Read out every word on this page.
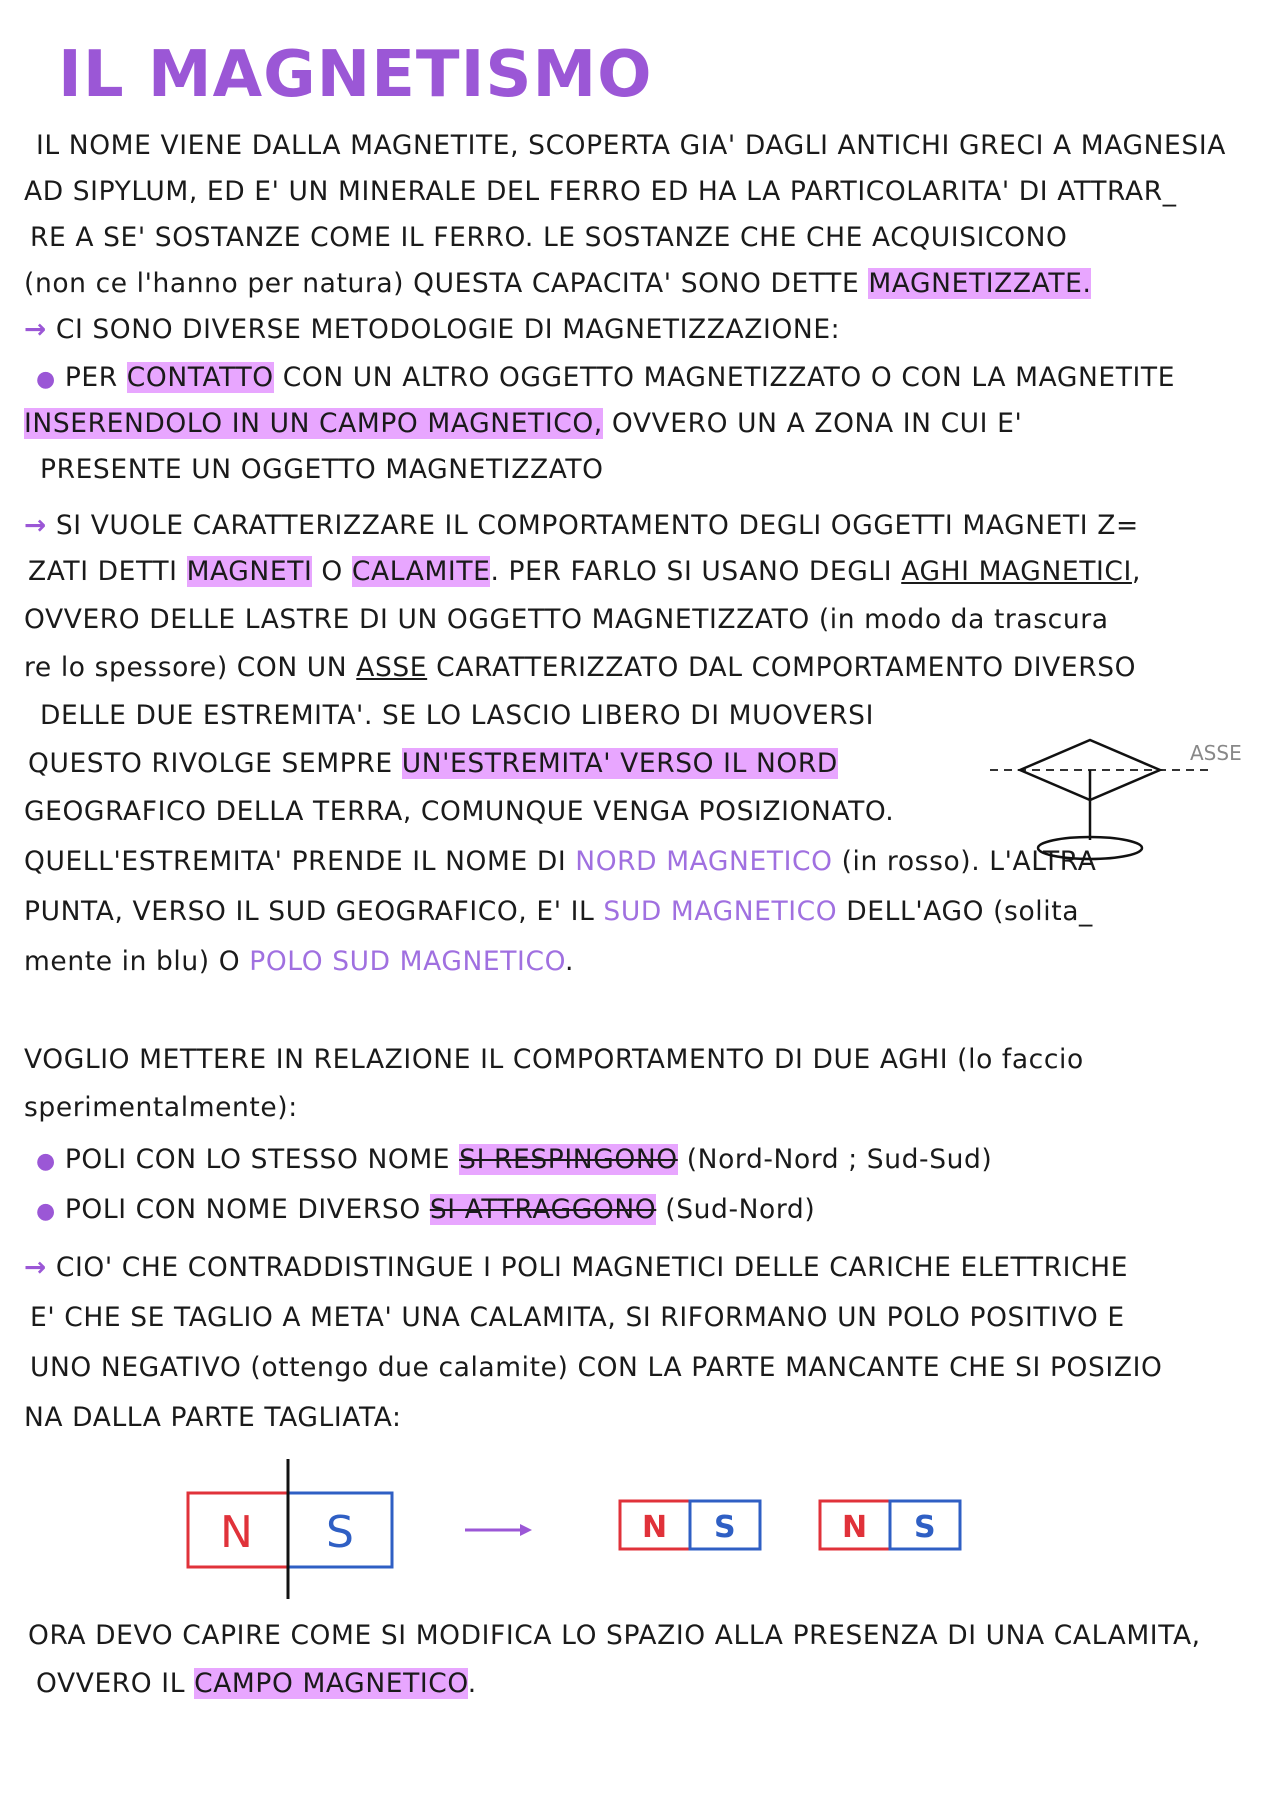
IL MAGNETISMO
IL NOME VIENE DALLA MAGNETITE, SCOPERTA GIA' DAGLI ANTICHI GRECI A MAGNESIA
AD SIPYLUM, ED E' UN MINERALE DEL FERRO ED HA LA PARTICOLARITA' DI ATTRAR_
RE A SE' SOSTANZE COME IL FERRO. LE SOSTANZE CHE CHE ACQUISICONO
(non ce l'hanno per natura) QUESTA CAPACITA' SONO DETTE MAGNETIZZATE.
→ CI SONO DIVERSE METODOLOGIE DI MAGNETIZZAZIONE:
● PER CONTATTO CON UN ALTRO OGGETTO MAGNETIZZATO O CON LA MAGNETITE
INSERENDOLO IN UN CAMPO MAGNETICO, OVVERO UN A ZONA IN CUI E'
PRESENTE UN OGGETTO MAGNETIZZATO
→ SI VUOLE CARATTERIZZARE IL COMPORTAMENTO DEGLI OGGETTI MAGNETI Z=
ZATI DETTI MAGNETI O CALAMITE. PER FARLO SI USANO DEGLI AGHI MAGNETICI,
OVVERO DELLE LASTRE DI UN OGGETTO MAGNETIZZATO (in modo da trascura
re lo spessore) CON UN ASSE CARATTERIZZATO DAL COMPORTAMENTO DIVERSO
DELLE DUE ESTREMITA'. SE LO LASCIO LIBERO DI MUOVERSI
QUESTO RIVOLGE SEMPRE UN'ESTREMITA' VERSO IL NORD
GEOGRAFICO DELLA TERRA, COMUNQUE VENGA POSIZIONATO.
QUELL'ESTREMITA' PRENDE IL NOME DI NORD MAGNETICO (in rosso). L'ALTRA
PUNTA, VERSO IL SUD GEOGRAFICO, E' IL SUD MAGNETICO DELL'AGO (solita_
mente in blu) O POLO SUD MAGNETICO.
ASSE
VOGLIO METTERE IN RELAZIONE IL COMPORTAMENTO DI DUE AGHI (lo faccio
sperimentalmente):
● POLI CON LO STESSO NOME SI RESPINGONO (Nord-Nord ; Sud-Sud)
● POLI CON NOME DIVERSO SI ATTRAGGONO (Sud-Nord)
→ CIO' CHE CONTRADDISTINGUE I POLI MAGNETICI DELLE CARICHE ELETTRICHE
E' CHE SE TAGLIO A META' UNA CALAMITA, SI RIFORMANO UN POLO POSITIVO E
UNO NEGATIVO (ottengo due calamite) CON LA PARTE MANCANTE CHE SI POSIZIO
NA DALLA PARTE TAGLIATA:
N S	N S	N S
ORA DEVO CAPIRE COME SI MODIFICA LO SPAZIO ALLA PRESENZA DI UNA CALAMITA,
OVVERO IL CAMPO MAGNETICO.
